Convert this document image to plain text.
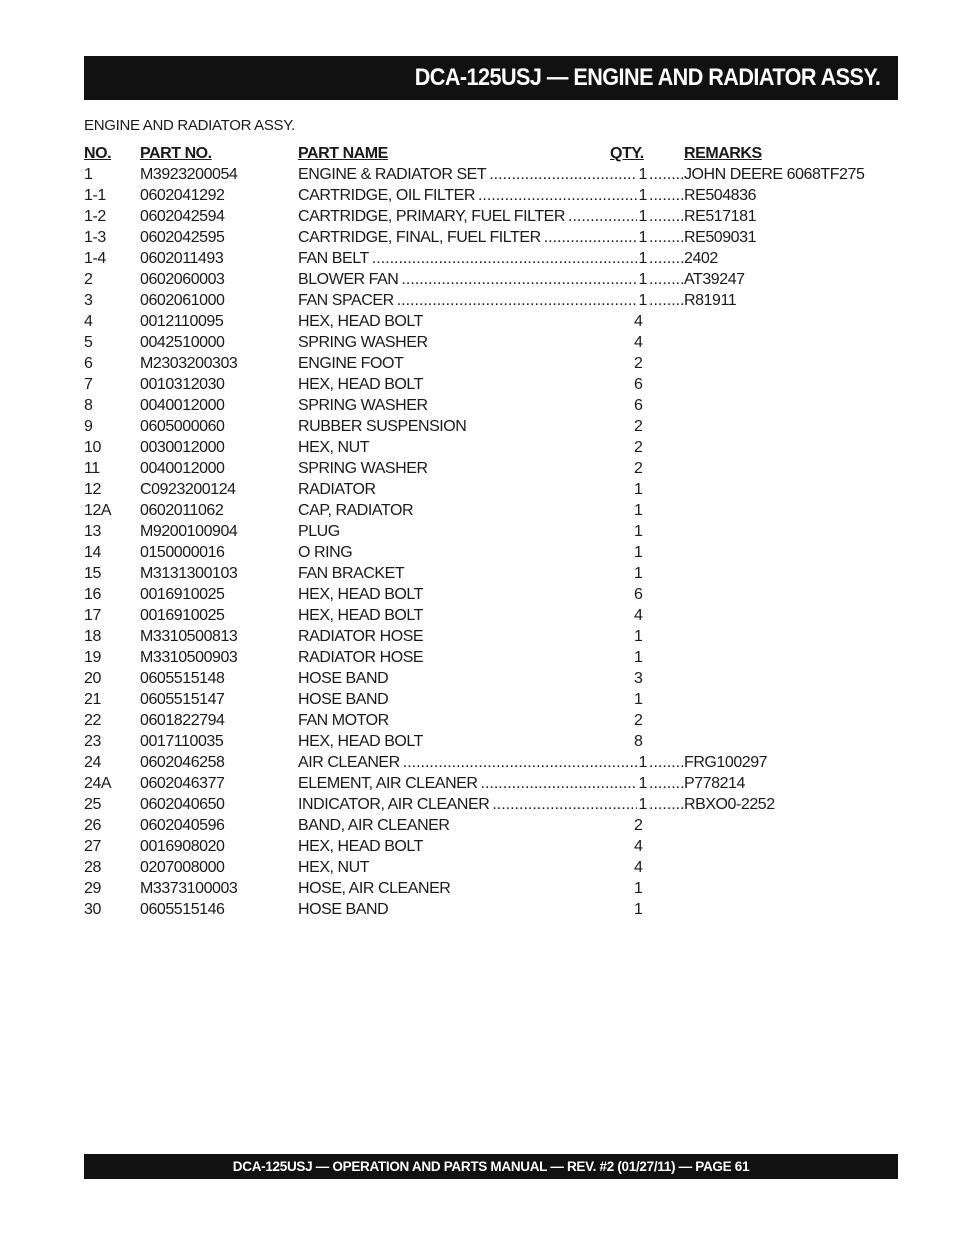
DCA-125USJ — ENGINE AND RADIATOR ASSY.
ENGINE AND RADIATOR ASSY.
NO. PART NO.	PART NAME	QTY.	REMARKS
1	M3923200054	ENGINE & RADIATOR SET .....	1 ..... JOHN DEERE 6068TF275
1-1 0602041292	CARTRIDGE, OIL FILTER .....	1 ..... RE504836
1-2 0602042594	CARTRIDGE, PRIMARY, FUEL FILTER .....	1 ..... RE517181
1-3 0602042595	CARTRIDGE, FINAL, FUEL FILTER .....	1 ..... RE509031
1-4 0602011493	FAN BELT .....	1 ..... 2402
2	0602060003	BLOWER FAN .....	1 ..... AT39247
3	0602061000	FAN SPACER .....	1 ..... R81911
4	0012110095	HEX, HEAD BOLT	4
5	0042510000	SPRING WASHER	4
6	M2303200303	ENGINE FOOT	2
7	0010312030	HEX, HEAD BOLT	6
8	0040012000	SPRING WASHER	6
9	0605000060	RUBBER SUSPENSION	2
10 0030012000	HEX, NUT	2
11	0040012000	SPRING WASHER	2
12 C0923200124	RADIATOR	1
12A 0602011062	CAP, RADIATOR	1
13 M9200100904	PLUG	1
14 0150000016	O RING	1
15 M3131300103	FAN BRACKET	1
16 0016910025	HEX, HEAD BOLT	6
17 0016910025	HEX, HEAD BOLT	4
18 M3310500813	RADIATOR HOSE	1
19 M3310500903	RADIATOR HOSE	1
20 0605515148	HOSE BAND	3
21 0605515147	HOSE BAND	1
22 0601822794	FAN MOTOR	2
23 0017110035	HEX, HEAD BOLT	8
24 0602046258	AIR CLEANER .....	1 ..... FRG100297
24A 0602046377	ELEMENT, AIR CLEANER .....	1 ..... P778214
25 0602040650	INDICATOR, AIR CLEANER .....	1 ..... RBXO0-2252
26 0602040596	BAND, AIR CLEANER	2
27 0016908020	HEX, HEAD BOLT	4
28 0207008000	HEX, NUT	4
29 M3373100003	HOSE, AIR CLEANER	1
30 0605515146	HOSE BAND	1
DCA-125USJ — OPERATION AND PARTS MANUAL — REV. #2 (01/27/11) — PAGE 61
